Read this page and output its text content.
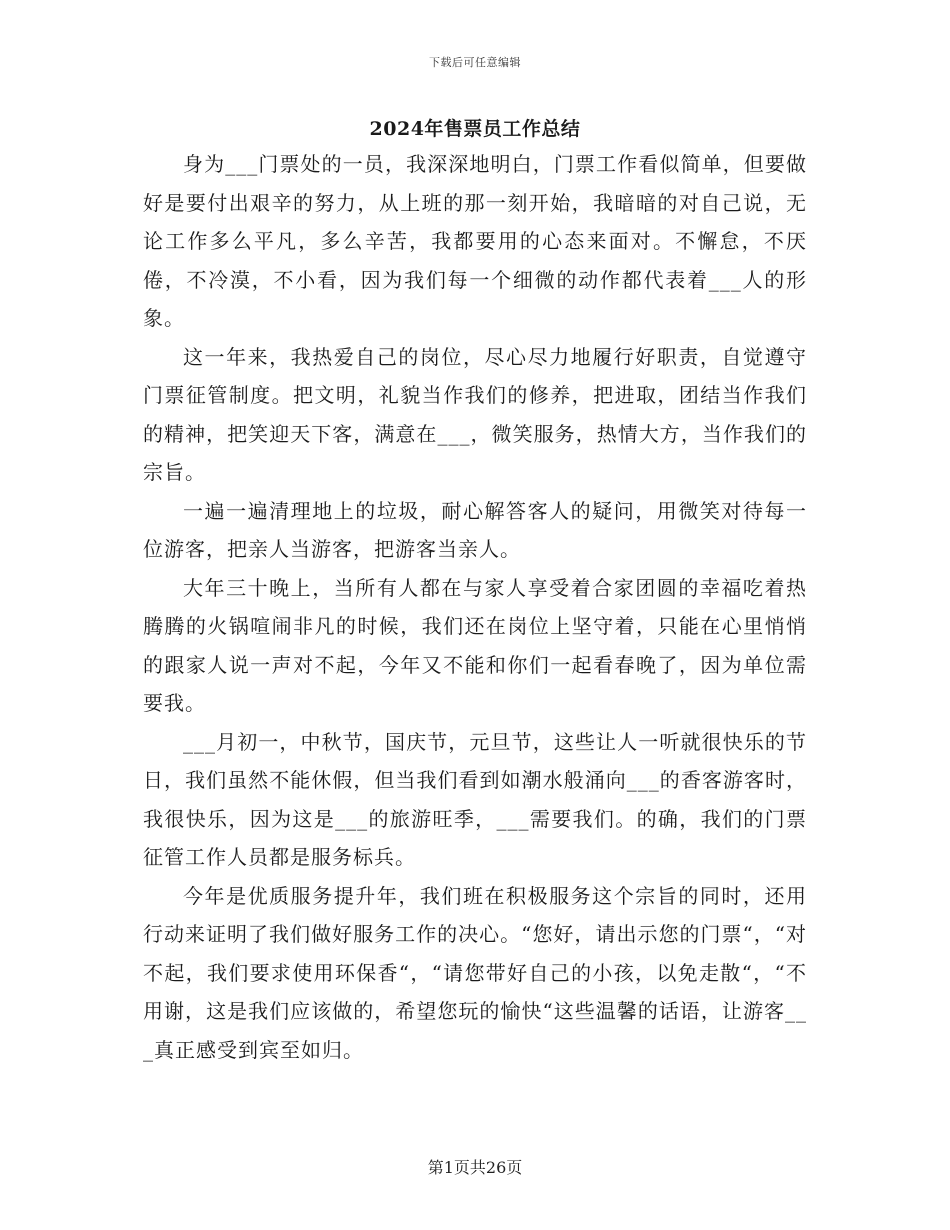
下载后可任意编辑
2024年售票员工作总结

身为___门票处的一员，我深深地明白，门票工作看似简单，但要做好是要付出艰辛的努力，从上班的那一刻开始，我暗暗的对自己说，无论工作多么平凡，多么辛苦，我都要用的心态来面对。不懈怠，不厌倦，不冷漠，不小看，因为我们每一个细微的动作都代表着___人的形象。

这一年来，我热爱自己的岗位，尽心尽力地履行好职责，自觉遵守门票征管制度。把文明，礼貌当作我们的修养，把进取，团结当作我们的精神，把笑迎天下客，满意在___，微笑服务，热情大方，当作我们的宗旨。

一遍一遍清理地上的垃圾，耐心解答客人的疑问，用微笑对待每一位游客，把亲人当游客，把游客当亲人。

大年三十晚上，当所有人都在与家人享受着合家团圆的幸福吃着热腾腾的火锅喧闹非凡的时候，我们还在岗位上坚守着，只能在心里悄悄的跟家人说一声对不起，今年又不能和你们一起看春晚了，因为单位需要我。

___月初一，中秋节，国庆节，元旦节，这些让人一听就很快乐的节日，我们虽然不能休假，但当我们看到如潮水般涌向___的香客游客时，我很快乐，因为这是___的旅游旺季，___需要我们。的确，我们的门票征管工作人员都是服务标兵。

今年是优质服务提升年，我们班在积极服务这个宗旨的同时，还用行动来证明了我们做好服务工作的决心。“您好，请出示您的门票“，“对不起，我们要求使用环保香“，“请您带好自己的小孩，以免走散“，“不用谢，这是我们应该做的，希望您玩的愉快“这些温馨的话语，让游客___真正感受到宾至如归。

第1页共26页
